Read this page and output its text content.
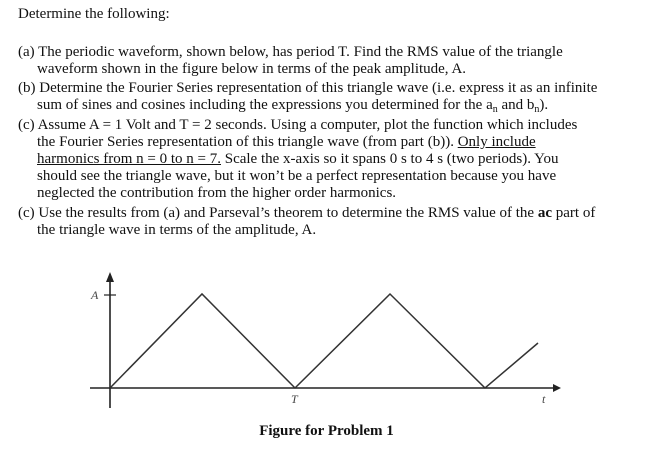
Determine the following:
(a) The periodic waveform, shown below, has period T. Find the RMS value of the triangle
waveform shown in the figure below in terms of the peak amplitude, A.
(b) Determine the Fourier Series representation of this triangle wave (i.e. express it as an infinite
sum of sines and cosines including the expressions you determined for the $a_n$ and $b_n$).
(c) Assume A = 1 Volt and T = 2 seconds. Using a computer, plot the function which includes
the Fourier Series representation of this triangle wave (from part (b)). Only include
harmonics from n = 0 to n = 7. Scale the x-axis so it spans 0 s to 4 s (two periods). You
should see the triangle wave, but it won’t be a perfect representation because you have
neglected the contribution from the higher order harmonics.
(c) Use the results from (a) and Parseval’s theorem to determine the RMS value of the ac part of
the triangle wave in terms of the amplitude, A.
A
T	t
Figure for Problem 1
